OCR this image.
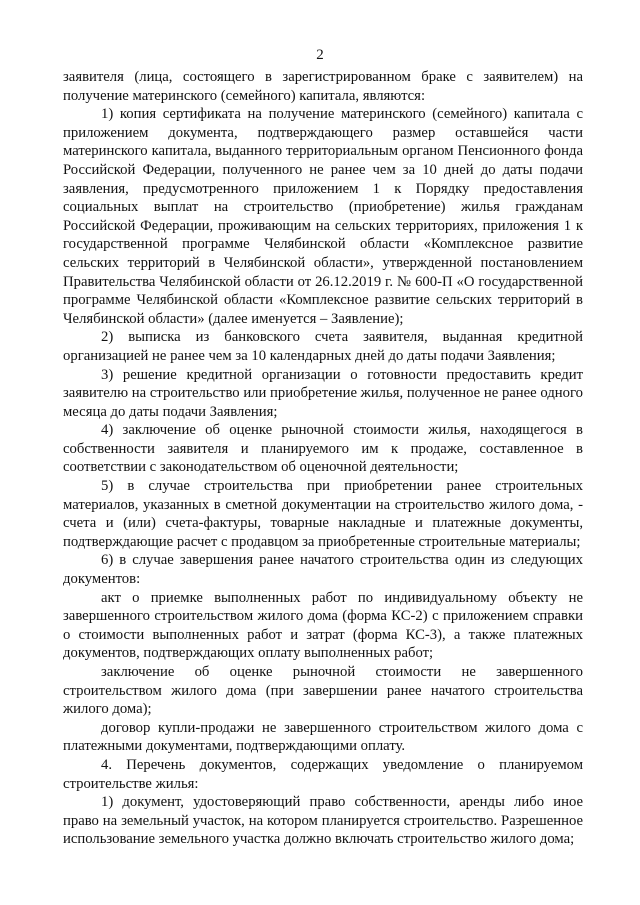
2

заявителя (лица, состоящего в зарегистрированном браке с заявителем) на получение материнского (семейного) капитала, являются:

1) копия сертификата на получение материнского (семейного) капитала с приложением документа, подтверждающего размер оставшейся части материнского капитала, выданного территориальным органом Пенсионного фонда Российской Федерации, полученного не ранее чем за 10 дней до даты подачи заявления, предусмотренного приложением 1 к Порядку предоставления социальных выплат на строительство (приобретение) жилья гражданам Российской Федерации, проживающим на сельских территориях, приложения 1 к государственной программе Челябинской области «Комплексное развитие сельских территорий в Челябинской области», утвержденной постановлением Правительства Челябинской области от 26.12.2019 г. № 600-П «О государственной программе Челябинской области «Комплексное развитие сельских территорий в Челябинской области» (далее именуется – Заявление);

2) выписка из банковского счета заявителя, выданная кредитной организацией не ранее чем за 10 календарных дней до даты подачи Заявления;

3) решение кредитной организации о готовности предоставить кредит заявителю на строительство или приобретение жилья, полученное не ранее одного месяца до даты подачи Заявления;

4) заключение об оценке рыночной стоимости жилья, находящегося в собственности заявителя и планируемого им к продаже, составленное в соответствии с законодательством об оценочной деятельности;

5) в случае строительства при приобретении ранее строительных материалов, указанных в сметной документации на строительство жилого дома, - счета и (или) счета-фактуры, товарные накладные и платежные документы, подтверждающие расчет с продавцом за приобретенные строительные материалы;

6) в случае завершения ранее начатого строительства один из следующих документов:

акт о приемке выполненных работ по индивидуальному объекту не завершенного строительством жилого дома (форма КС-2) с приложением справки о стоимости выполненных работ и затрат (форма КС-3), а также платежных документов, подтверждающих оплату выполненных работ;

заключение об оценке рыночной стоимости не завершенного строительством жилого дома (при завершении ранее начатого строительства жилого дома);

договор купли-продажи не завершенного строительством жилого дома с платежными документами, подтверждающими оплату.

4. Перечень документов, содержащих уведомление о планируемом строительстве жилья:

1) документ, удостоверяющий право собственности, аренды либо иное право на земельный участок, на котором планируется строительство. Разрешенное использование земельного участка должно включать строительство жилого дома;
